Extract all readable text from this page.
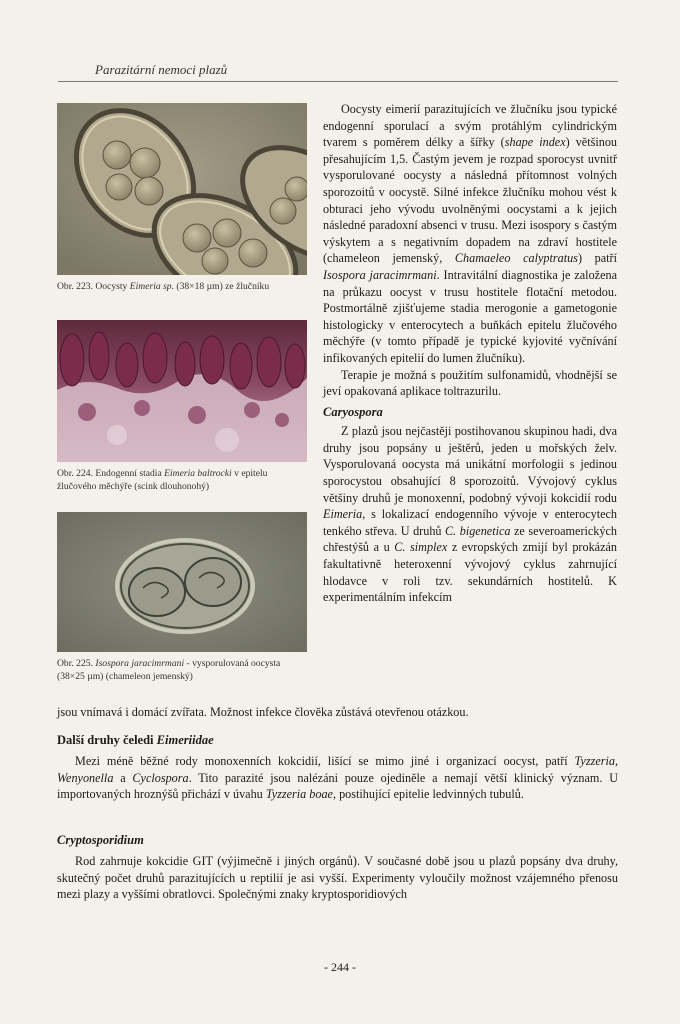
Parazitární nemoci plazů
Obr. 223. Oocysty Eimeria sp. (38×18 µm) ze žlučníku
Obr. 224. Endogenní stadia Eimeria baltrocki v epitelu žlučového měchýře (scink dlouhonohý)
Obr. 225. Isospora jaracimrmani - vysporulovaná oocysta (38×25 µm) (chameleon jemenský)

Oocysty eimerií parazitujících ve žlučníku jsou typické endogenní sporulací a svým protáhlým cylindrickým tvarem s poměrem délky a šířky (shape index) většinou přesahujícím 1,5. Častým jevem je rozpad sporocyst uvnitř vysporulované oocysty a následná přítomnost volných sporozoitů v oocystě. Silné infekce žlučníku mohou vést k obturaci jeho vývodu uvolněnými oocystami a k jejich následné paradoxní absenci v trusu. Mezi isospory s častým výskytem a s negativním dopadem na zdraví hostitele (chameleon jemenský, Chamaeleo calyptratus) patří Isospora jaracimrmani. Intravitální diagnostika je založena na průkazu oocyst v trusu hostitele flotační metodou. Postmortálně zjišťujeme stadia merogonie a gametogonie histologicky v enterocytech a buňkách epitelu žlučového měchýře (v tomto případě je typické kyjovité vyčnívání infikovaných epitelií do lumen žlučníku).

Terapie je možná s použitím sulfonamidů, vhodnější se jeví opakovaná aplikace toltrazurilu.

Caryospora

Z plazů jsou nejčastěji postihovanou skupinou hadi, dva druhy jsou popsány u ještěrů, jeden u mořských želv. Vysporulovaná oocysta má unikátní morfologii s jedinou sporocystou obsahující 8 sporozoitů. Vývojový cyklus většiny druhů je monoxenní, podobný vývoji kokcidií rodu Eimeria, s lokalizací endogenního vývoje v enterocytech tenkého střeva. U druhů C. bigenetica ze severoamerických chřestýšů a u C. simplex z evropských zmijí byl prokázán fakultativně heteroxenní vývojový cyklus zahrnující hlodavce v roli tzv. sekundárních hostitelů. K experimentálním infekcím

jsou vnímavá i domácí zvířata. Možnost infekce člověka zůstává otevřenou otázkou.

Další druhy čeledi Eimeriidae

Mezi méně běžné rody monoxenních kokcidií, lišící se mimo jiné i organizací oocyst, patří Tyzzeria, Wenyonella a Cyclospora. Tito parazité jsou nalézáni pouze ojediněle a nemají větší klinický význam. U importovaných hroznýšů přichází v úvahu Tyzzeria boae, postihující epitelie ledvinných tubulů.

Cryptosporidium

Rod zahrnuje kokcidie GIT (výjimečně i jiných orgánů). V současné době jsou u plazů popsány dva druhy, skutečný počet druhů parazitujících u reptilií je asi vyšší. Experimenty vyloučily možnost vzájemného přenosu mezi plazy a vyššími obratlovci. Společnými znaky kryptosporidiových

- 244 -
